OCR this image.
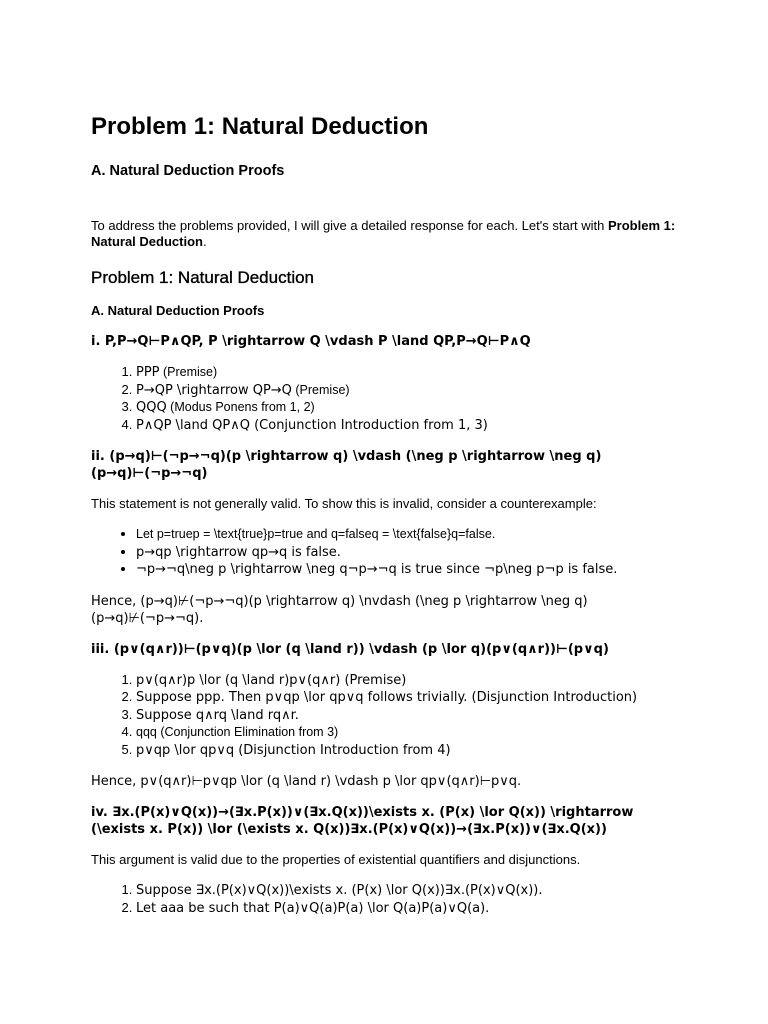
Problem 1: Natural Deduction
A. Natural Deduction Proofs

To address the problems provided, I will give a detailed response for each. Let's start with Problem 1: Natural Deduction.

Problem 1: Natural Deduction
A. Natural Deduction Proofs
i. P,P→Q⊢P∧QP, P \rightarrow Q \vdash P \land QP,P→Q⊢P∧Q
1. PPP (Premise)
2. P→QP \rightarrow QP→Q (Premise)
3. QQQ (Modus Ponens from 1, 2)
4. P∧QP \land QP∧Q (Conjunction Introduction from 1, 3)
ii. (p→q)⊢(¬p→¬q)(p \rightarrow q) \vdash (\neg p \rightarrow \neg q) (p→q)⊢(¬p→¬q)

This statement is not generally valid. To show this is invalid, consider a counterexample:

• Let p=truep = \text{true}p=true and q=falseq = \text{false}q=false.
• p→qp \rightarrow qp→q is false.
• ¬p→¬q\neg p \rightarrow \neg q¬p→¬q is true since ¬p\neg p¬p is false.

Hence, (p→q)⊬(¬p→¬q)(p \rightarrow q) \nvdash (\neg p \rightarrow \neg q) (p→q)⊬(¬p→¬q).

iii. (p∨(q∧r))⊢(p∨q)(p \lor (q \land r)) \vdash (p \lor q)(p∨(q∧r))⊢(p∨q)
1. p∨(q∧r)p \lor (q \land r)p∨(q∧r) (Premise)
2. Suppose ppp. Then p∨qp \lor qp∨q follows trivially. (Disjunction Introduction)
3. Suppose q∧rq \land rq∧r.
4. qqq (Conjunction Elimination from 3)
5. p∨qp \lor qp∨q (Disjunction Introduction from 4)

Hence, p∨(q∧r)⊢p∨qp \lor (q \land r) \vdash p \lor qp∨(q∧r)⊢p∨q.

iv. ∃x.(P(x)∨Q(x))→(∃x.P(x))∨(∃x.Q(x))\exists x. (P(x) \lor Q(x)) \rightarrow (\exists x. P(x)) \lor (\exists x. Q(x))∃x.(P(x)∨Q(x))→(∃x.P(x))∨(∃x.Q(x))

This argument is valid due to the properties of existential quantifiers and disjunctions.

1. Suppose ∃x.(P(x)∨Q(x))\exists x. (P(x) \lor Q(x))∃x.(P(x)∨Q(x)).
2. Let aaa be such that P(a)∨Q(a)P(a) \lor Q(a)P(a)∨Q(a).
